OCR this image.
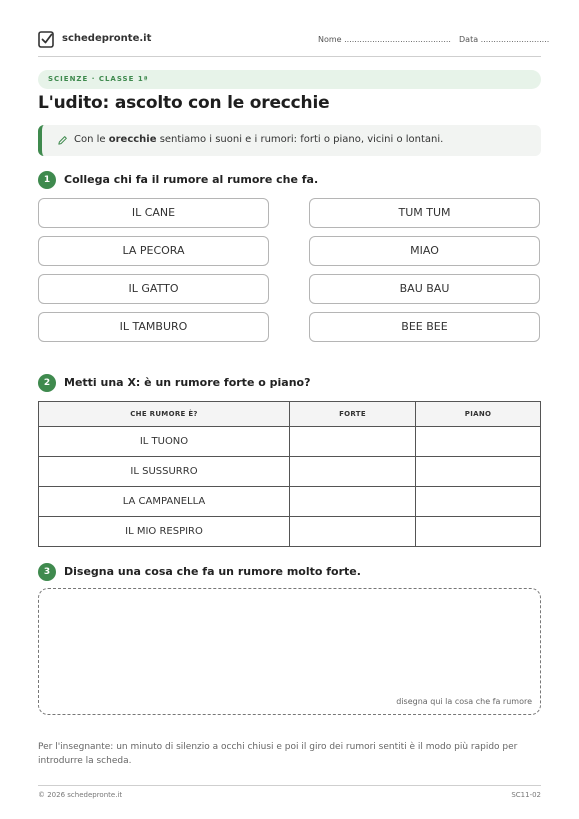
schedepronte.it	Nome .......................................... Data ...........................
SCIENZE · CLASSE 1ª
L'udito: ascolto con le orecchie
Con le orecchie sentiamo i suoni e i rumori: forti o piano, vicini o lontani.
1	Collega chi fa il rumore al rumore che fa.
IL CANE
LA PECORA
IL GATTO
IL TAMBURO
TUM TUM
MIAO
BAU BAU
BEE BEE
2	Metti una X: è un rumore forte o piano?
CHE RUMORE È?	FORTE	PIANO
IL TUONO		
IL SUSSURRO		
LA CAMPANELLA		
IL MIO RESPIRO		
3	Disegna una cosa che fa un rumore molto forte.
disegna qui la cosa che fa rumore
Per l'insegnante: un minuto di silenzio a occhi chiusi e poi il giro dei rumori sentiti è il modo più rapido per introdurre la scheda.
© 2026 schedepronte.it	SC11-02
